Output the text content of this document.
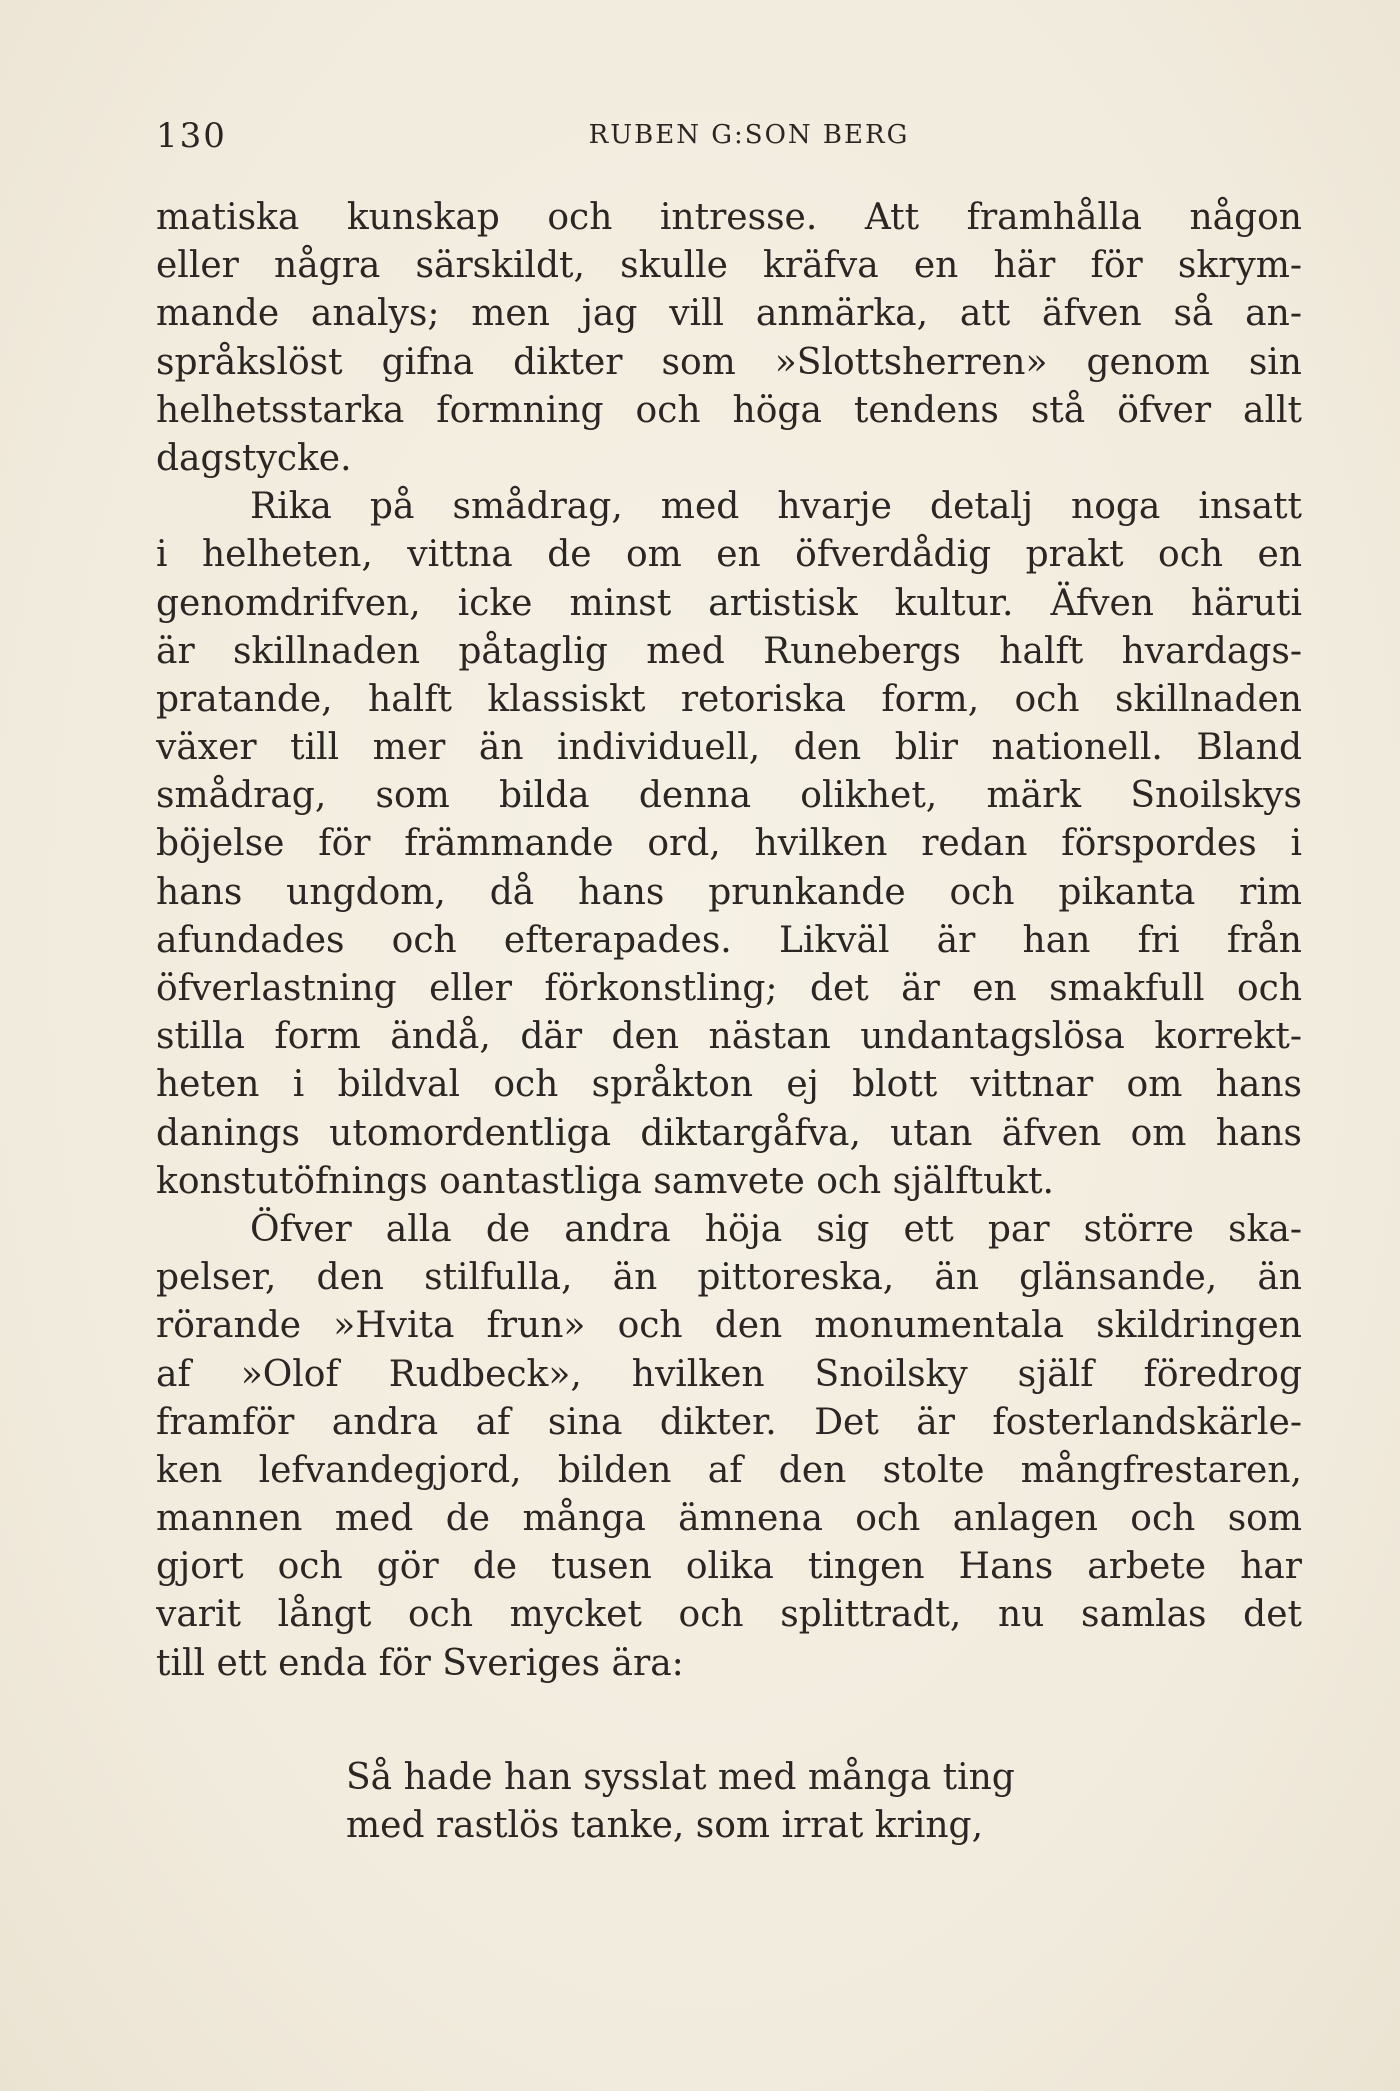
130	RUBEN G:SON BERG
matiska kunskap och intresse. Att framhålla någon
eller några särskildt, skulle kräfva en här för skrym-
mande analys; men jag vill anmärka, att äfven så an-
språkslöst gifna dikter som »Slottsherren» genom sin
helhetsstarka formning och höga tendens stå öfver allt
dagstycke.
Rika på smådrag, med hvarje detalj noga insatt
i helheten, vittna de om en öfverdådig prakt och en
genomdrifven, icke minst artistisk kultur. Äfven häruti
är skillnaden påtaglig med Runebergs halft hvardags-
pratande, halft klassiskt retoriska form, och skillnaden
växer till mer än individuell, den blir nationell. Bland
smådrag, som bilda denna olikhet, märk Snoilskys
böjelse för främmande ord, hvilken redan förspordes i
hans ungdom, då hans prunkande och pikanta rim
afundades och efterapades. Likväl är han fri från
öfverlastning eller förkonstling; det är en smakfull och
stilla form ändå, där den nästan undantagslösa korrekt-
heten i bildval och språkton ej blott vittnar om hans
danings utomordentliga diktargåfva, utan äfven om hans
konstutöfnings oantastliga samvete och själftukt.
Öfver alla de andra höja sig ett par större ska-
pelser, den stilfulla, än pittoreska, än glänsande, än
rörande »Hvita frun» och den monumentala skildringen
af »Olof Rudbeck», hvilken Snoilsky själf föredrog
framför andra af sina dikter. Det är fosterlandskärle-
ken lefvandegjord, bilden af den stolte mångfrestaren,
mannen med de många ämnena och anlagen och som
gjort och gör de tusen olika tingen Hans arbete har
varit långt och mycket och splittradt, nu samlas det
till ett enda för Sveriges ära:
Så hade han sysslat med många ting
med rastlös tanke, som irrat kring,
